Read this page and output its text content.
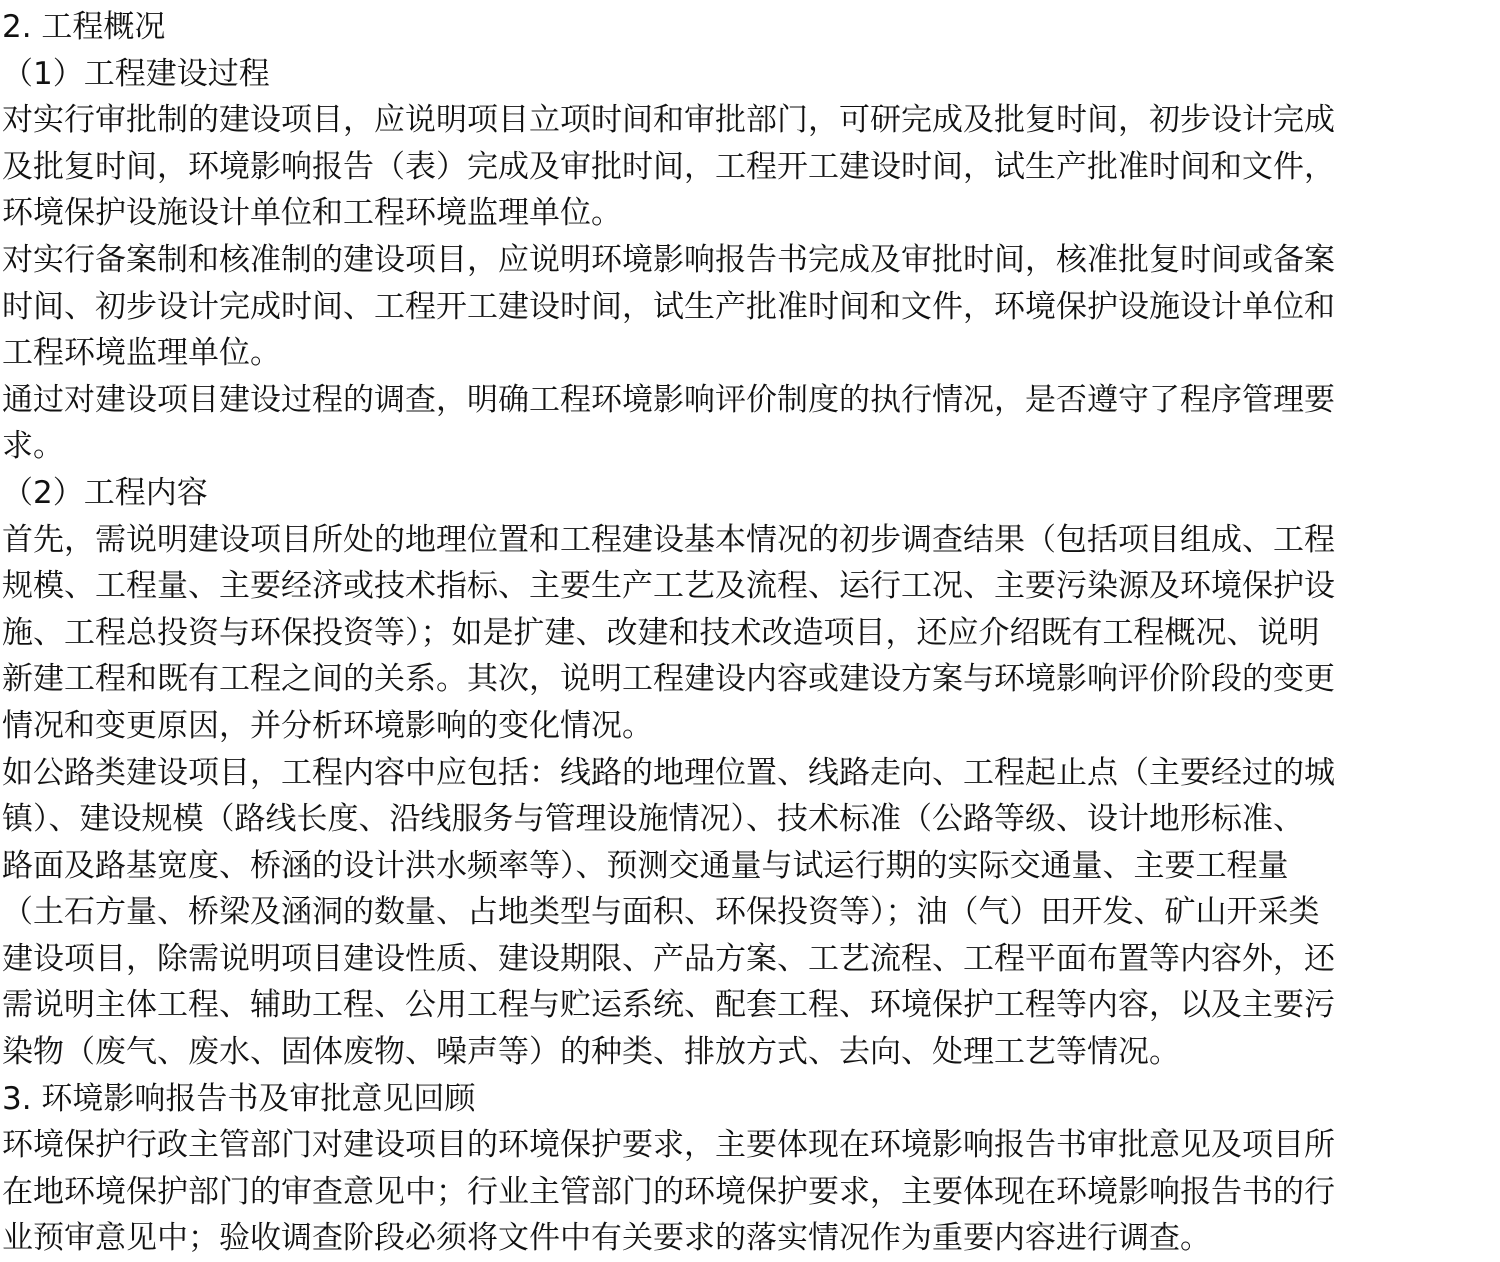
2. 工程概况
（1）工程建设过程
对实行审批制的建设项目，应说明项目立项时间和审批部门，可研完成及批复时间，初步设计完成
及批复时间，环境影响报告（表）完成及审批时间，工程开工建设时间，试生产批准时间和文件，
环境保护设施设计单位和工程环境监理单位。
对实行备案制和核准制的建设项目，应说明环境影响报告书完成及审批时间，核准批复时间或备案
时间、初步设计完成时间、工程开工建设时间，试生产批准时间和文件，环境保护设施设计单位和
工程环境监理单位。
通过对建设项目建设过程的调查，明确工程环境影响评价制度的执行情况，是否遵守了程序管理要
求。
（2）工程内容
首先，需说明建设项目所处的地理位置和工程建设基本情况的初步调查结果（包括项目组成、工程
规模、工程量、主要经济或技术指标、主要生产工艺及流程、运行工况、主要污染源及环境保护设
施、工程总投资与环保投资等）；如是扩建、改建和技术改造项目，还应介绍既有工程概况、说明
新建工程和既有工程之间的关系。其次，说明工程建设内容或建设方案与环境影响评价阶段的变更
情况和变更原因，并分析环境影响的变化情况。
如公路类建设项目，工程内容中应包括：线路的地理位置、线路走向、工程起止点（主要经过的城
镇）、建设规模（路线长度、沿线服务与管理设施情况）、技术标准（公路等级、设计地形标准、
路面及路基宽度、桥涵的设计洪水频率等）、预测交通量与试运行期的实际交通量、主要工程量
（土石方量、桥梁及涵洞的数量、占地类型与面积、环保投资等）；油（气）田开发、矿山开采类
建设项目，除需说明项目建设性质、建设期限、产品方案、工艺流程、工程平面布置等内容外，还
需说明主体工程、辅助工程、公用工程与贮运系统、配套工程、环境保护工程等内容，以及主要污
染物（废气、废水、固体废物、噪声等）的种类、排放方式、去向、处理工艺等情况。
3. 环境影响报告书及审批意见回顾
环境保护行政主管部门对建设项目的环境保护要求，主要体现在环境影响报告书审批意见及项目所
在地环境保护部门的审查意见中；行业主管部门的环境保护要求，主要体现在环境影响报告书的行
业预审意见中；验收调查阶段必须将文件中有关要求的落实情况作为重要内容进行调查。
